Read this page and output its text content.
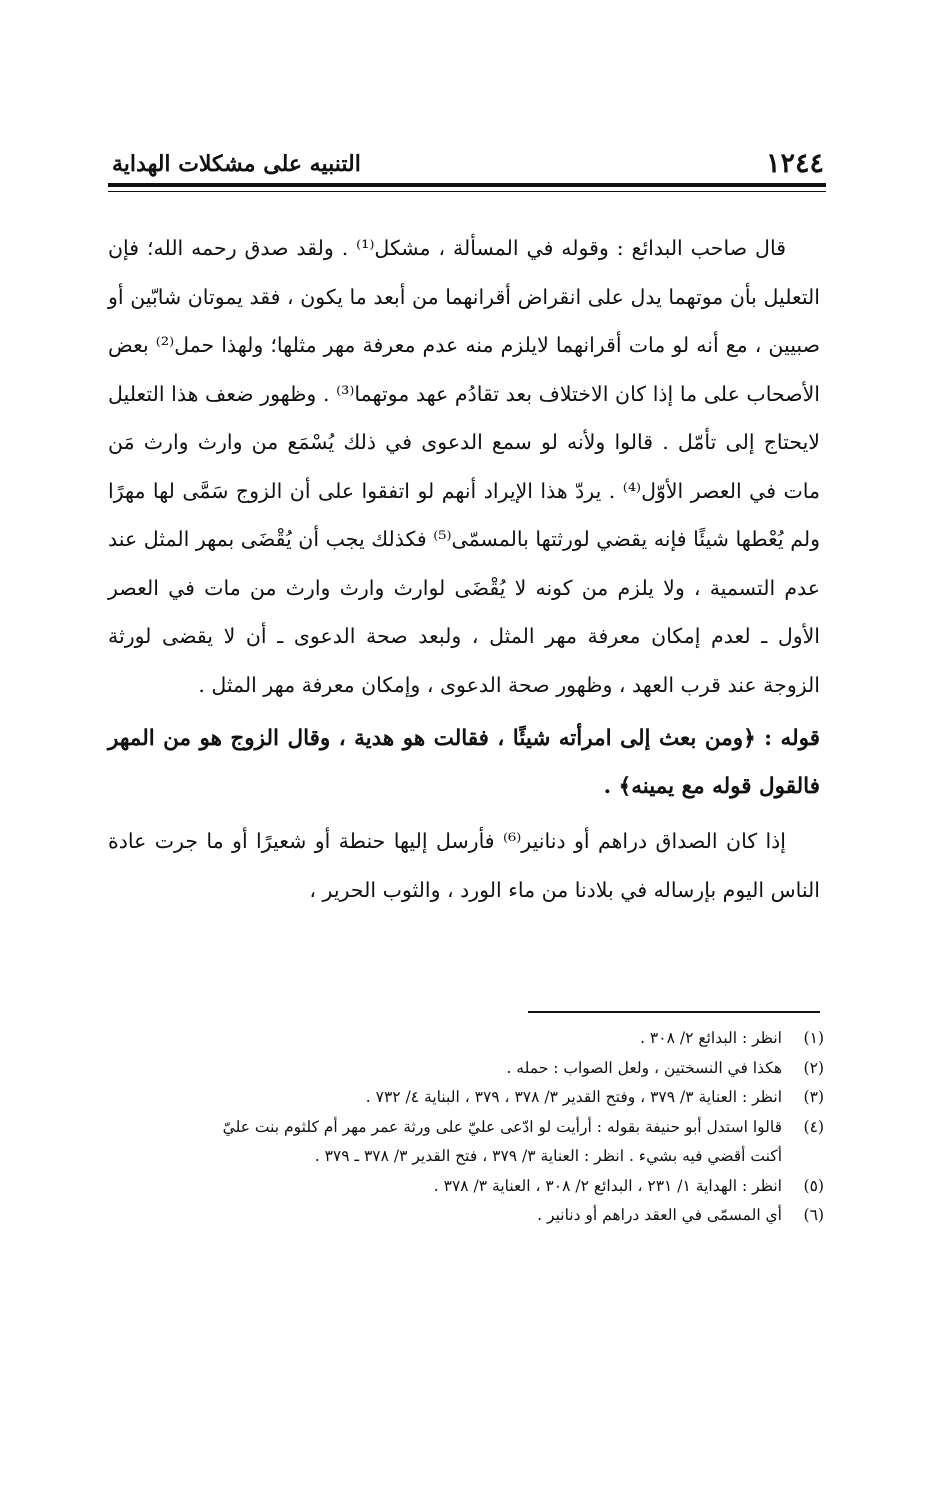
١٢٤٤
التنبيه على مشكلات الهداية

قال صاحب البدائع : وقوله في المسألة ، مشكل⁽¹⁾ . ولقد صدق رحمه الله؛ فإن التعليل بأن موتهما يدل على انقراض أقرانهما من أبعد ما يكون ، فقد يموتان شابّين أو صبيين ، مع أنه لو مات أقرانهما لايلزم منه عدم معرفة مهر مثلها؛ ولهذا حمل⁽²⁾ بعض الأصحاب على ما إذا كان الاختلاف بعد تقادُم عهد موتهما⁽³⁾ . وظهور ضعف هذا التعليل لايحتاج إلى تأمّل . قالوا ولأنه لو سمع الدعوى في ذلك يُسْمَع من وارث وارث مَن مات في العصر الأوّل⁽⁴⁾ . يردّ هذا الإيراد أنهم لو اتفقوا على أن الزوج سَمَّى لها مهرًا ولم يُعْطها شيئًا فإنه يقضي لورثتها بالمسمّى⁽⁵⁾ فكذلك يجب أن يُقْضَى بمهر المثل عند عدم التسمية ، ولا يلزم من كونه لا يُقْضَى لوارث وارث وارث من مات في العصر الأول ـ لعدم إمكان معرفة مهر المثل ، ولبعد صحة الدعوى ـ أن لا يقضى لورثة الزوجة عند قرب العهد ، وظهور صحة الدعوى ، وإمكان معرفة مهر المثل .

قوله : ﴿ومن بعث إلى امرأته شيئًا ، فقالت هو هدية ، وقال الزوج هو من المهر فالقول قوله مع يمينه﴾ .

إذا كان الصداق دراهم أو دنانير⁽⁶⁾ فأرسل إليها حنطة أو شعيرًا أو ما جرت عادة الناس اليوم بإرساله في بلادنا من ماء الورد ، والثوب الحرير ،

(١)
انظر : البدائع ٢/ ٣٠٨ .
(٢)
هكذا في النسختين ، ولعل الصواب : حمله .
(٣)
انظر : العناية ٣/ ٣٧٩ ، وفتح القدير ٣/ ٣٧٨ ، ٣٧٩ ، البناية ٤/ ٧٣٢ .
(٤)
قالوا استدل أبو حنيفة بقوله : أرأيت لو ادّعى عليّ على ورثة عمر مهر أم كلثوم بنت عليّ
أكنت أقضي فيه بشيء . انظر : العناية ٣/ ٣٧٩ ، فتح القدير ٣/ ٣٧٨ ـ ٣٧٩ .
(٥)
انظر : الهداية ١/ ٢٣١ ، البدائع ٢/ ٣٠٨ ، العناية ٣/ ٣٧٨ .
(٦)
أي المسمّى في العقد دراهم أو دنانير .
